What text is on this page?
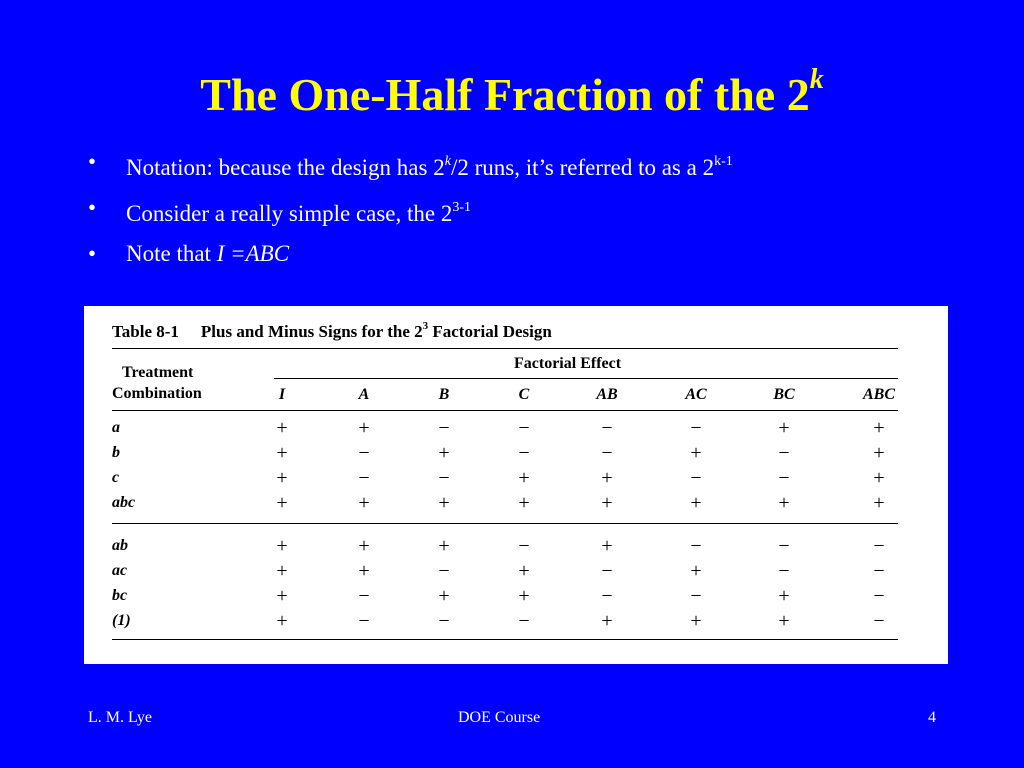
The One-Half Fraction of the 2$^k$
• Notation: because the design has 2$^k$/2 runs, it’s referred to as a 2$^{k-1}$
• Consider a really simple case, the 2$^{3-1}$
• Note that I =ABC
Table 8-1 Plus and Minus Signs for the $2^3$ Factorial Design
Treatment
Combination
Factorial Effect
I	A	B	C	AB	AC	BC	ABC
a	+	+	−	−	−	−	+	+
b	+	−	+	−	−	+	−	+
c	+	−	−	+	+	−	−	+
abc	+	+	+	+	+	+	+	+
ab	+	+	+	−	+	−	−	−
ac	+	+	−	+	−	+	−	−
bc	+	−	+	+	−	−	+	−
(1)	+	−	−	−	+	+	+	−
L. M. Lye	DOE Course	4
